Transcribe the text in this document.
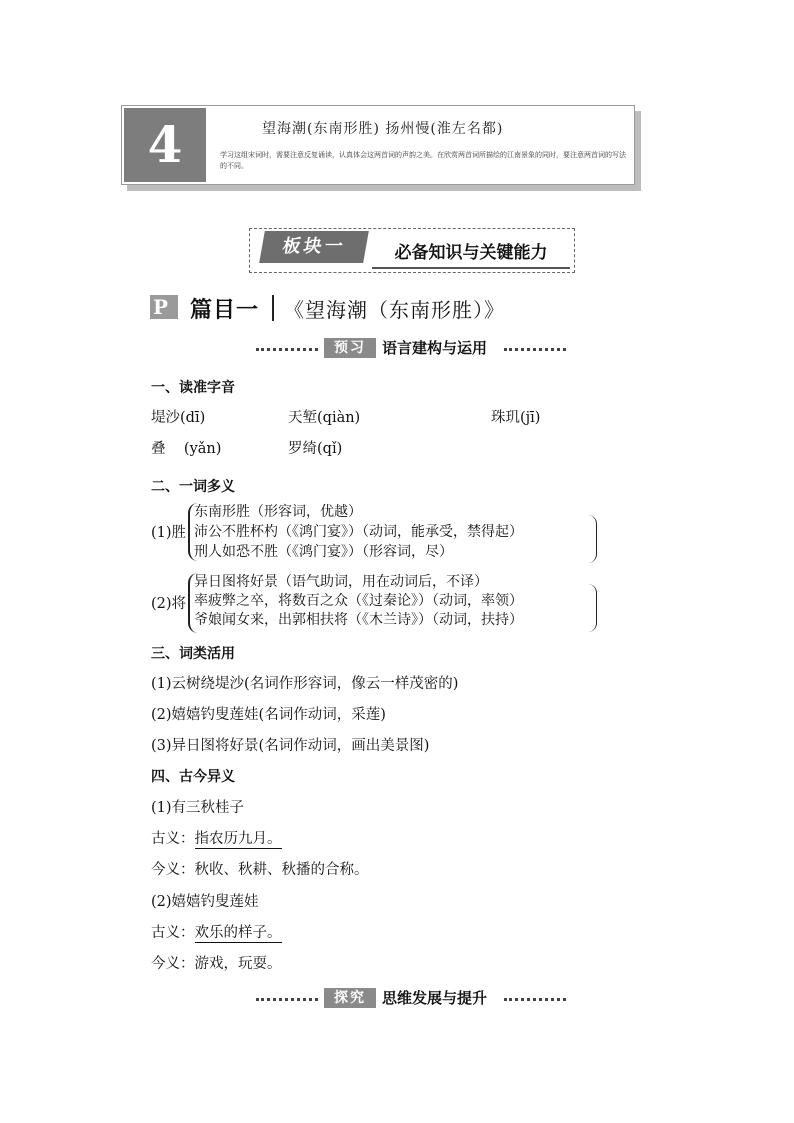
4	望海潮(东南形胜) 扬州慢(淮左名都)
学习这组宋词时，需要注意反复诵读，认真体会这两首词的声韵之美。在欣赏两首词所描绘的江南景象的同时，要注意两首词的写法的不同。
板块一	必备知识与关键能力
P 篇目一 《望海潮（东南形胜）》
预习	语言建构与运用
一、读准字音
堤沙(dī)	天堑(qiàn)	珠玑(jī)
叠    (yǎn)	罗绮(qǐ)
二、一词多义
(1)胜
东南形胜（形容词，优越）
沛公不胜杯杓（《鸿门宴》）（动词，能承受，禁得起）
刑人如恐不胜（《鸿门宴》）（形容词，尽）
(2)将
异日图将好景（语气助词，用在动词后，不译）
率疲弊之卒，将数百之众（《过秦论》）（动词，率领）
爷娘闻女来，出郭相扶将（《木兰诗》）（动词，扶持）
三、词类活用
(1)云树绕堤沙(名词作形容词，像云一样茂密的)
(2)嬉嬉钓叟莲娃(名词作动词，采莲)
(3)异日图将好景(名词作动词，画出美景图)
四、古今异义
(1)有三秋桂子
古义：指农历九月。
今义：秋收、秋耕、秋播的合称。
(2)嬉嬉钓叟莲娃
古义：欢乐的样子。
今义：游戏，玩耍。
探究	思维发展与提升
